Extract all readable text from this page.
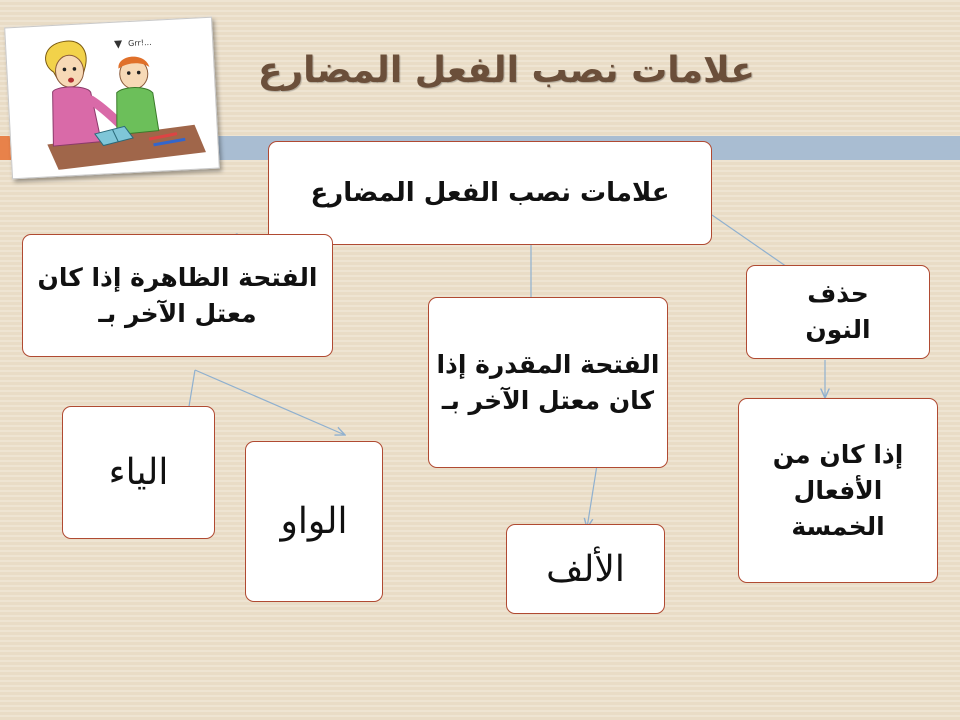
علامات نصب الفعل المضارع
Grr!...
علامات نصب الفعل المضارع
الفتحة الظاهرة إذا كان معتل الآخر بـ
الفتحة المقدرة إذا كان معتل الآخر بـ
حذف النون
إذا كان من الأفعال الخمسة
الياء
الواو
الألف
